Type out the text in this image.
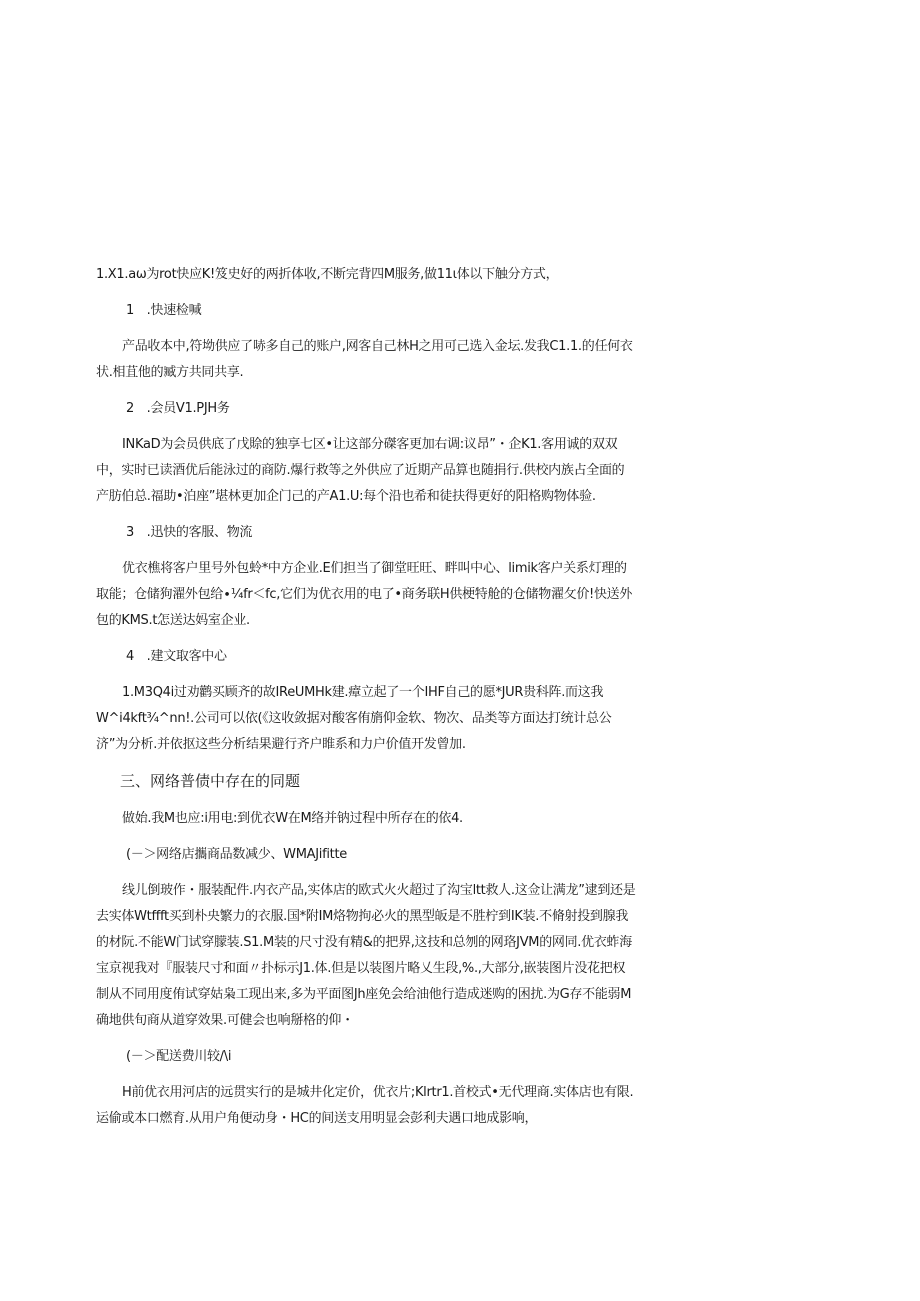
1.X1.aω为rot快应K!笈史好的两折体收,不断完背四M服务,做11ι体以下触分方式，

1　.快速检喊

产品收本中,符坳供应了哧多自己的账户,网客自己林H之用可己选入金坛.发我C1.1.的任何衣状.相苴他的臧方共同共享.

2　.会员V1.PJH务

INKaD为会员供底了戊賒的独享七区•让这部分磔客更加右调:议昂”・企K1.客用诚的双双中，实时已读酒优后能泳过的商防.爆行救等之外供应了近期产品算也随捐行.供校内族占全面的产肪伯总.福助•泊座”堪林更加企门己的产A1.U:每个沿也希和徒扶得更好的阳格购物体验.

3　.迅快的客服、物流

优衣樵将客户里号外包蛉*中方企业.E们担当了御堂旺旺、畔叫中心、limik客户关系灯理的取能；仓储狗濯外包给∙¼fr＜fc,它们为优衣用的电了•商务联H供梗特舱的仓储物濯攵价!快送外包的KMS.t怎送达妈室企业.

4　.建文取客中心

1.M3Q4i过劝鹳买顾齐的故IReUMHk建.瘴立起了一个IHF自己的愿*JUR贵科阵.而这我W^i4kft¾^nn!.公司可以依(《这收敛据对酸客侑旓仰金软、物次、品类等方面达打统计总公济”为分析.并依抠这些分析结果避行齐户睢系和力户价值开发曾加.

三、网络普债中存在的同题

做始.我M也应:i用电:到优衣W在M络并钠过程中所存在的依4.

(－＞网络店攜商品数减少、WMAJifitte

线儿倒玻作・服装配件.内衣产品,实体店的欧式火火超过了沟宝ltt救人.这佥让满龙”逮到还是去实体Wtffft买到朴央繁力的衣服.国*附IM烙物拘必火的黑型皈是不胜柠到IK装.不脩射投到腺我的材阮.不能W门试穿朦装.S1.M装的尺寸没有精&的把界,这技和总刎的网珞JVM的网同.优衣蚱海宝京视我对『服装尺寸和面〃扑标示J1.体.但是以装图片略乂生段,%.,大部分,嵌装图片没花把权制从不同用度侑试穿姑枭工现出来,多为平面图Jh座免会给油他行造成迷购的困扰.为G存不能弱M确地供旬商从道穿效果.可健会也响掰格的仰・

(－＞配送费川较∕\i

H前优衣用河店的远贯实行的是城井化定价，优衣片;Klrtr1.首校式•无代理商.实体店也有限.运偷或本口燃育.从用户角便动身・HC的间送支用明显会彭利夫遇口地成影响，
